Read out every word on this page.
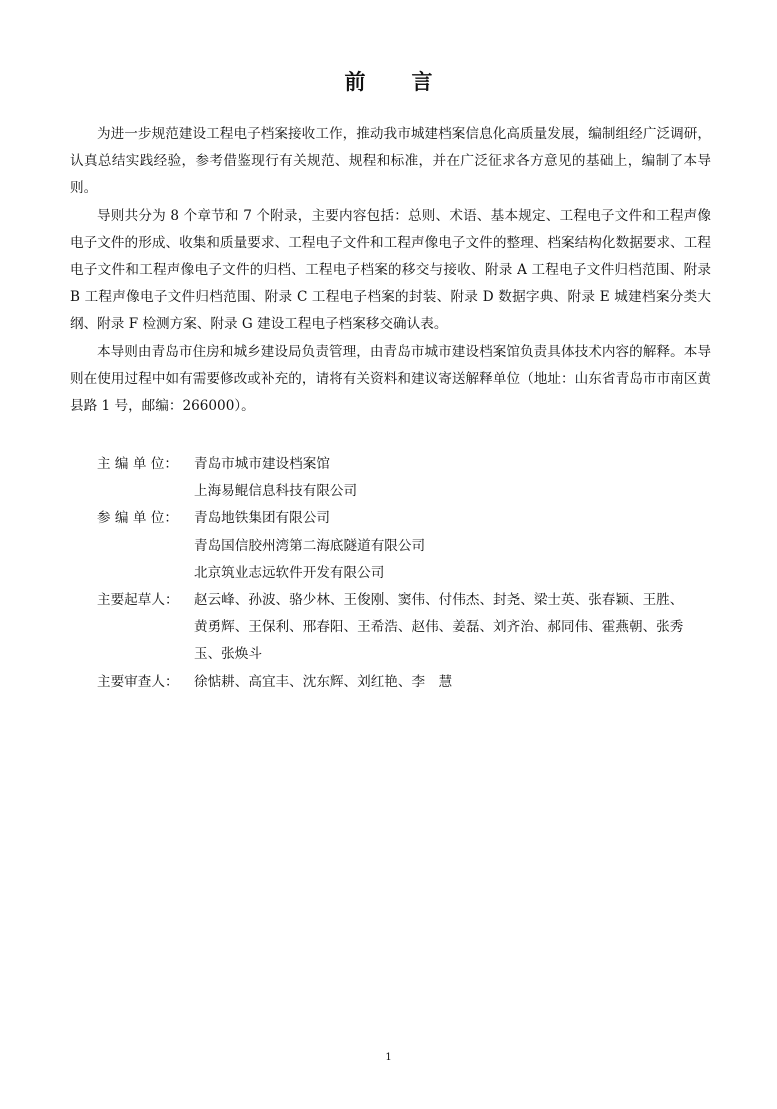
前 言

为进一步规范建设工程电子档案接收工作，推动我市城建档案信息化高质量发展，编制组经广泛调研，认真总结实践经验，参考借鉴现行有关规范、规程和标准，并在广泛征求各方意见的基础上，编制了本导则。

导则共分为 8 个章节和 7 个附录，主要内容包括：总则、术语、基本规定、工程电子文件和工程声像电子文件的形成、收集和质量要求、工程电子文件和工程声像电子文件的整理、档案结构化数据要求、工程电子文件和工程声像电子文件的归档、工程电子档案的移交与接收、附录 A 工程电子文件归档范围、附录 B 工程声像电子文件归档范围、附录 C 工程电子档案的封装、附录 D 数据字典、附录 E 城建档案分类大纲、附录 F 检测方案、附录 G 建设工程电子档案移交确认表。

本导则由青岛市住房和城乡建设局负责管理，由青岛市城市建设档案馆负责具体技术内容的解释。本导则在使用过程中如有需要修改或补充的，请将有关资料和建议寄送解释单位（地址：山东省青岛市市南区黄县路 1 号，邮编：266000）。

主 编 单 位：	青岛市城市建设档案馆
上海易鲲信息科技有限公司
参 编 单 位：	青岛地铁集团有限公司
青岛国信胶州湾第二海底隧道有限公司
北京筑业志远软件开发有限公司
主要起草人：	赵云峰、孙波、骆少林、王俊刚、窦伟、付伟杰、封尧、梁士英、张春颖、王胜、
黄勇辉、王保利、邢春阳、王希浩、赵伟、姜磊、刘齐治、郝同伟、霍燕朝、张秀
玉、张焕斗
主要审查人：	徐惦耕、高宜丰、沈东辉、刘红艳、李　慧
1
